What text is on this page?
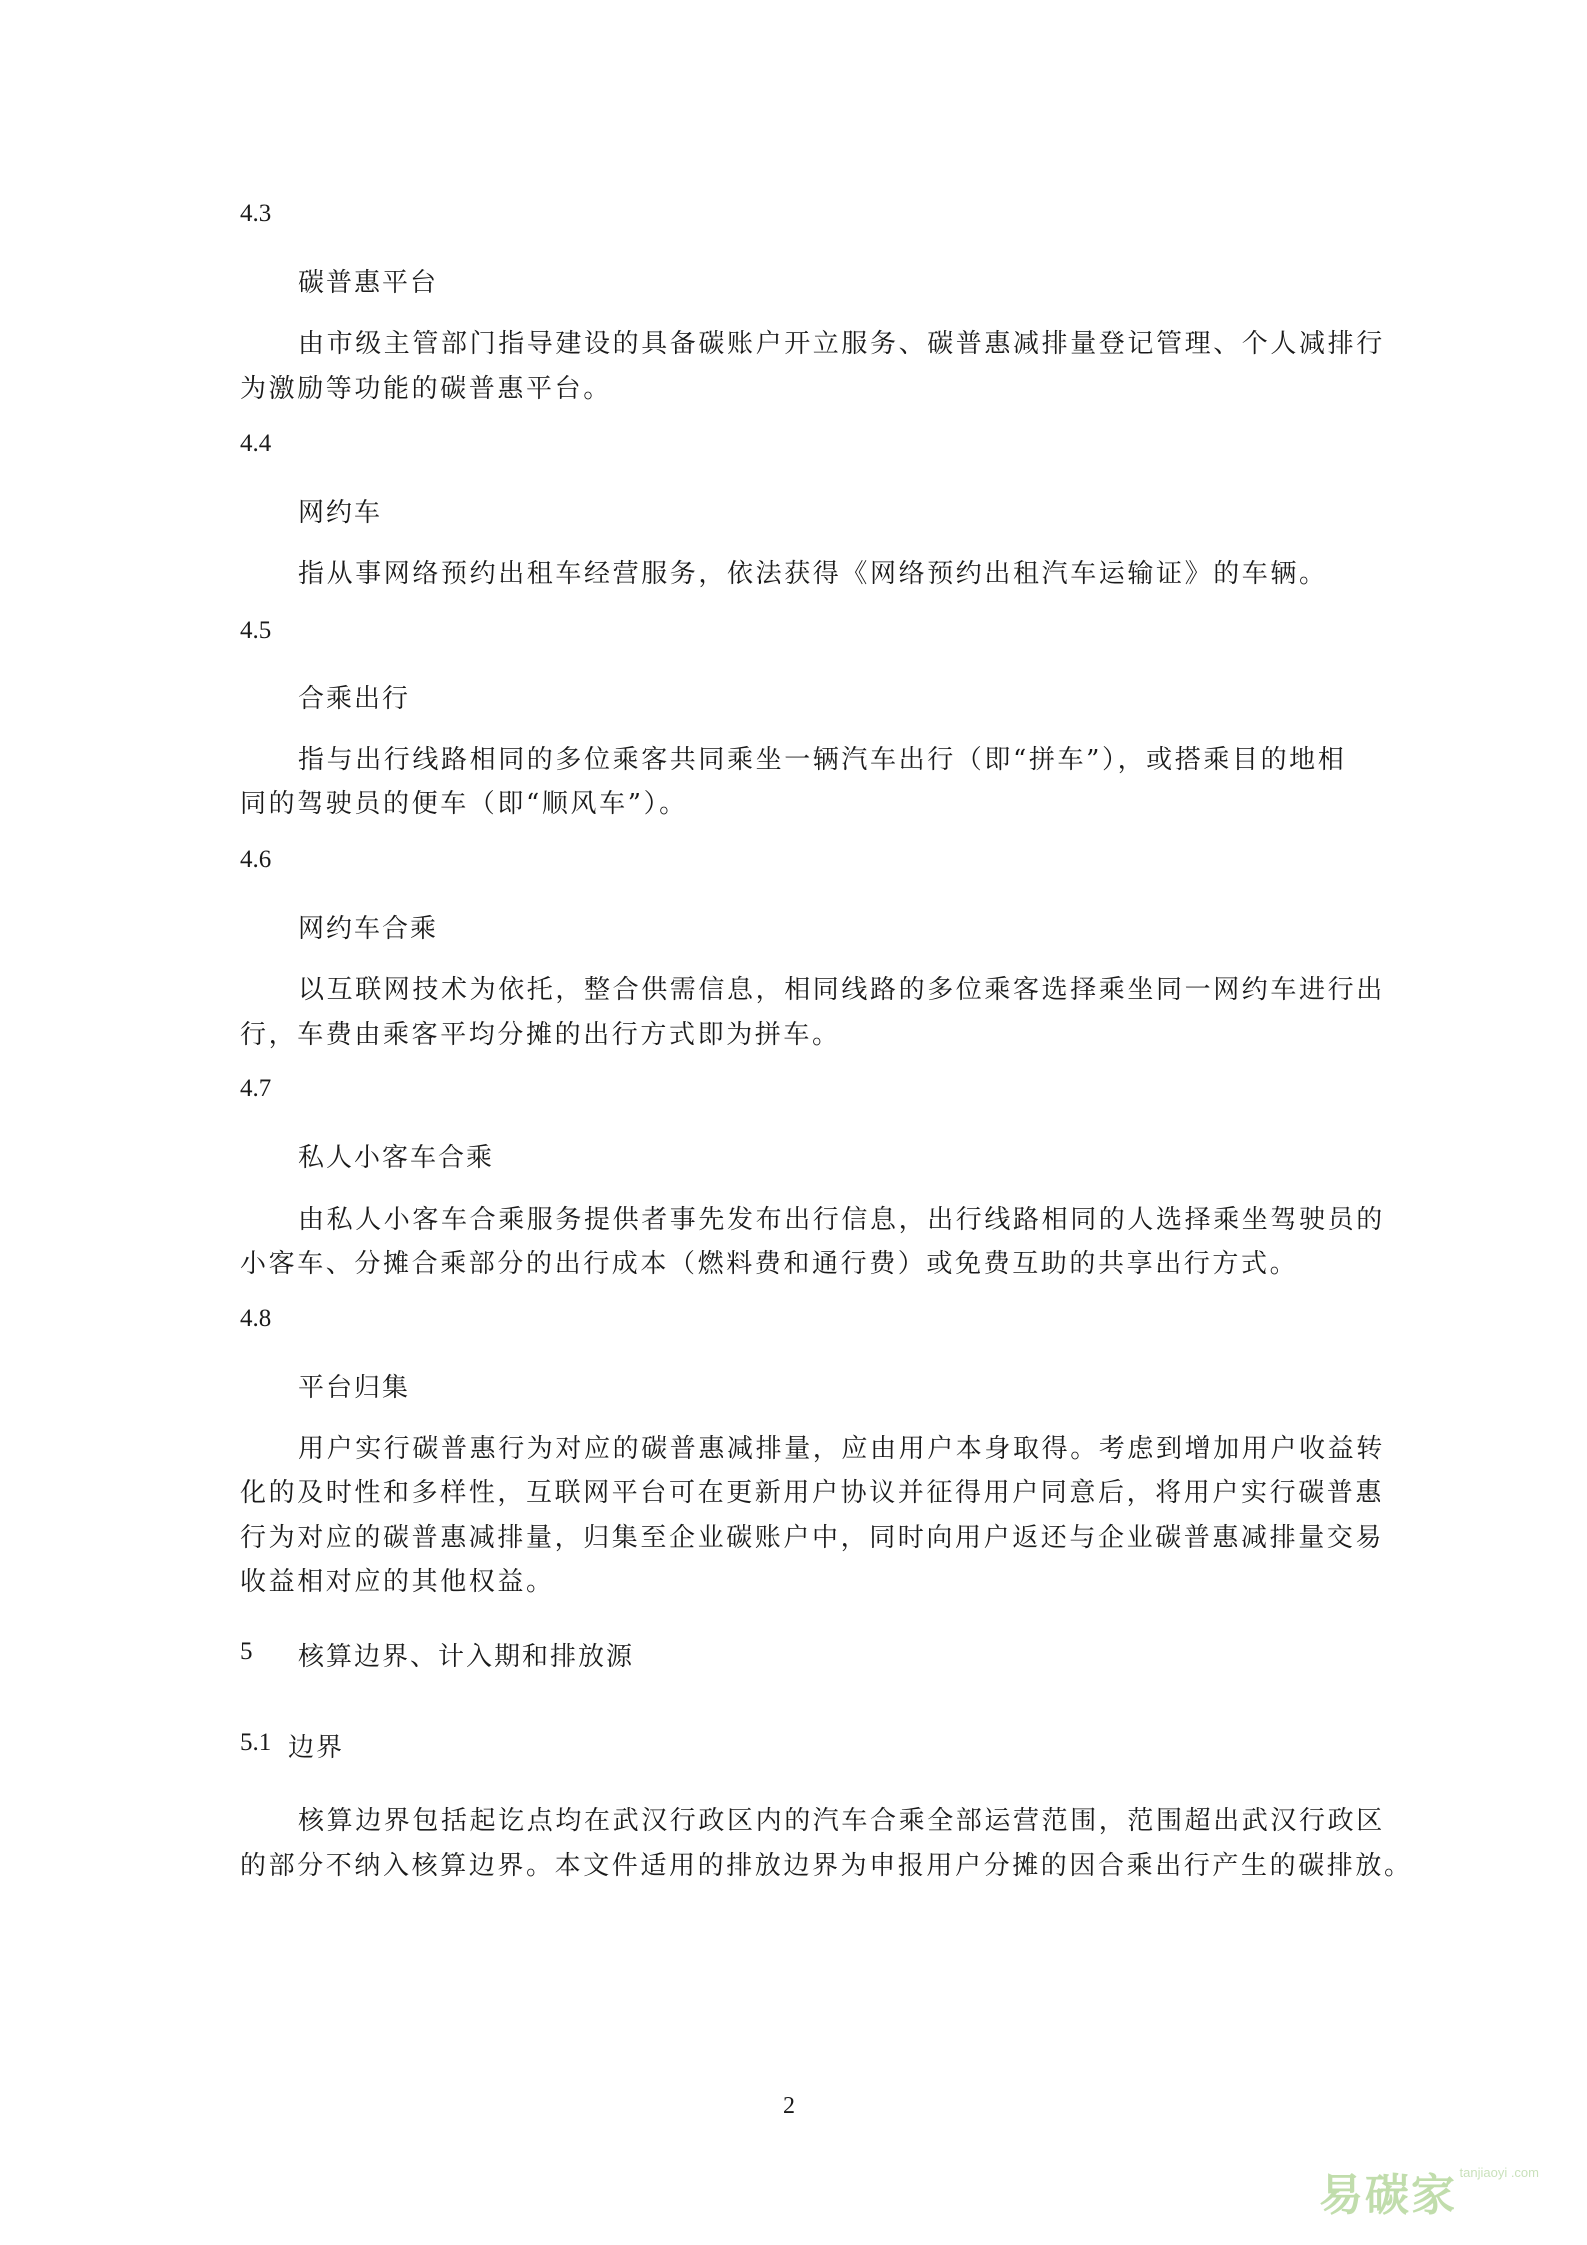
4.3
碳普惠平台
由市级主管部门指导建设的具备碳账户开立服务、碳普惠减排量登记管理、个人减排行
为激励等功能的碳普惠平台。
4.4
网约车
指从事网络预约出租车经营服务，依法获得《网络预约出租汽车运输证》的车辆。
4.5
合乘出行
指与出行线路相同的多位乘客共同乘坐一辆汽车出行（即“拼车”），或搭乘目的地相
同的驾驶员的便车（即“顺风车”）。
4.6
网约车合乘
以互联网技术为依托，整合供需信息，相同线路的多位乘客选择乘坐同一网约车进行出
行，车费由乘客平均分摊的出行方式即为拼车。
4.7
私人小客车合乘
由私人小客车合乘服务提供者事先发布出行信息，出行线路相同的人选择乘坐驾驶员的
小客车、分摊合乘部分的出行成本（燃料费和通行费）或免费互助的共享出行方式。
4.8
平台归集
用户实行碳普惠行为对应的碳普惠减排量，应由用户本身取得。考虑到增加用户收益转
化的及时性和多样性，互联网平台可在更新用户协议并征得用户同意后，将用户实行碳普惠
行为对应的碳普惠减排量，归集至企业碳账户中，同时向用户返还与企业碳普惠减排量交易
收益相对应的其他权益。
5 核算边界、计入期和排放源
5.1 边界
核算边界包括起讫点均在武汉行政区内的汽车合乘全部运营范围，范围超出武汉行政区
的部分不纳入核算边界。本文件适用的排放边界为申报用户分摊的因合乘出行产生的碳排放。
2
易碳家 tanjiaoyi .com
